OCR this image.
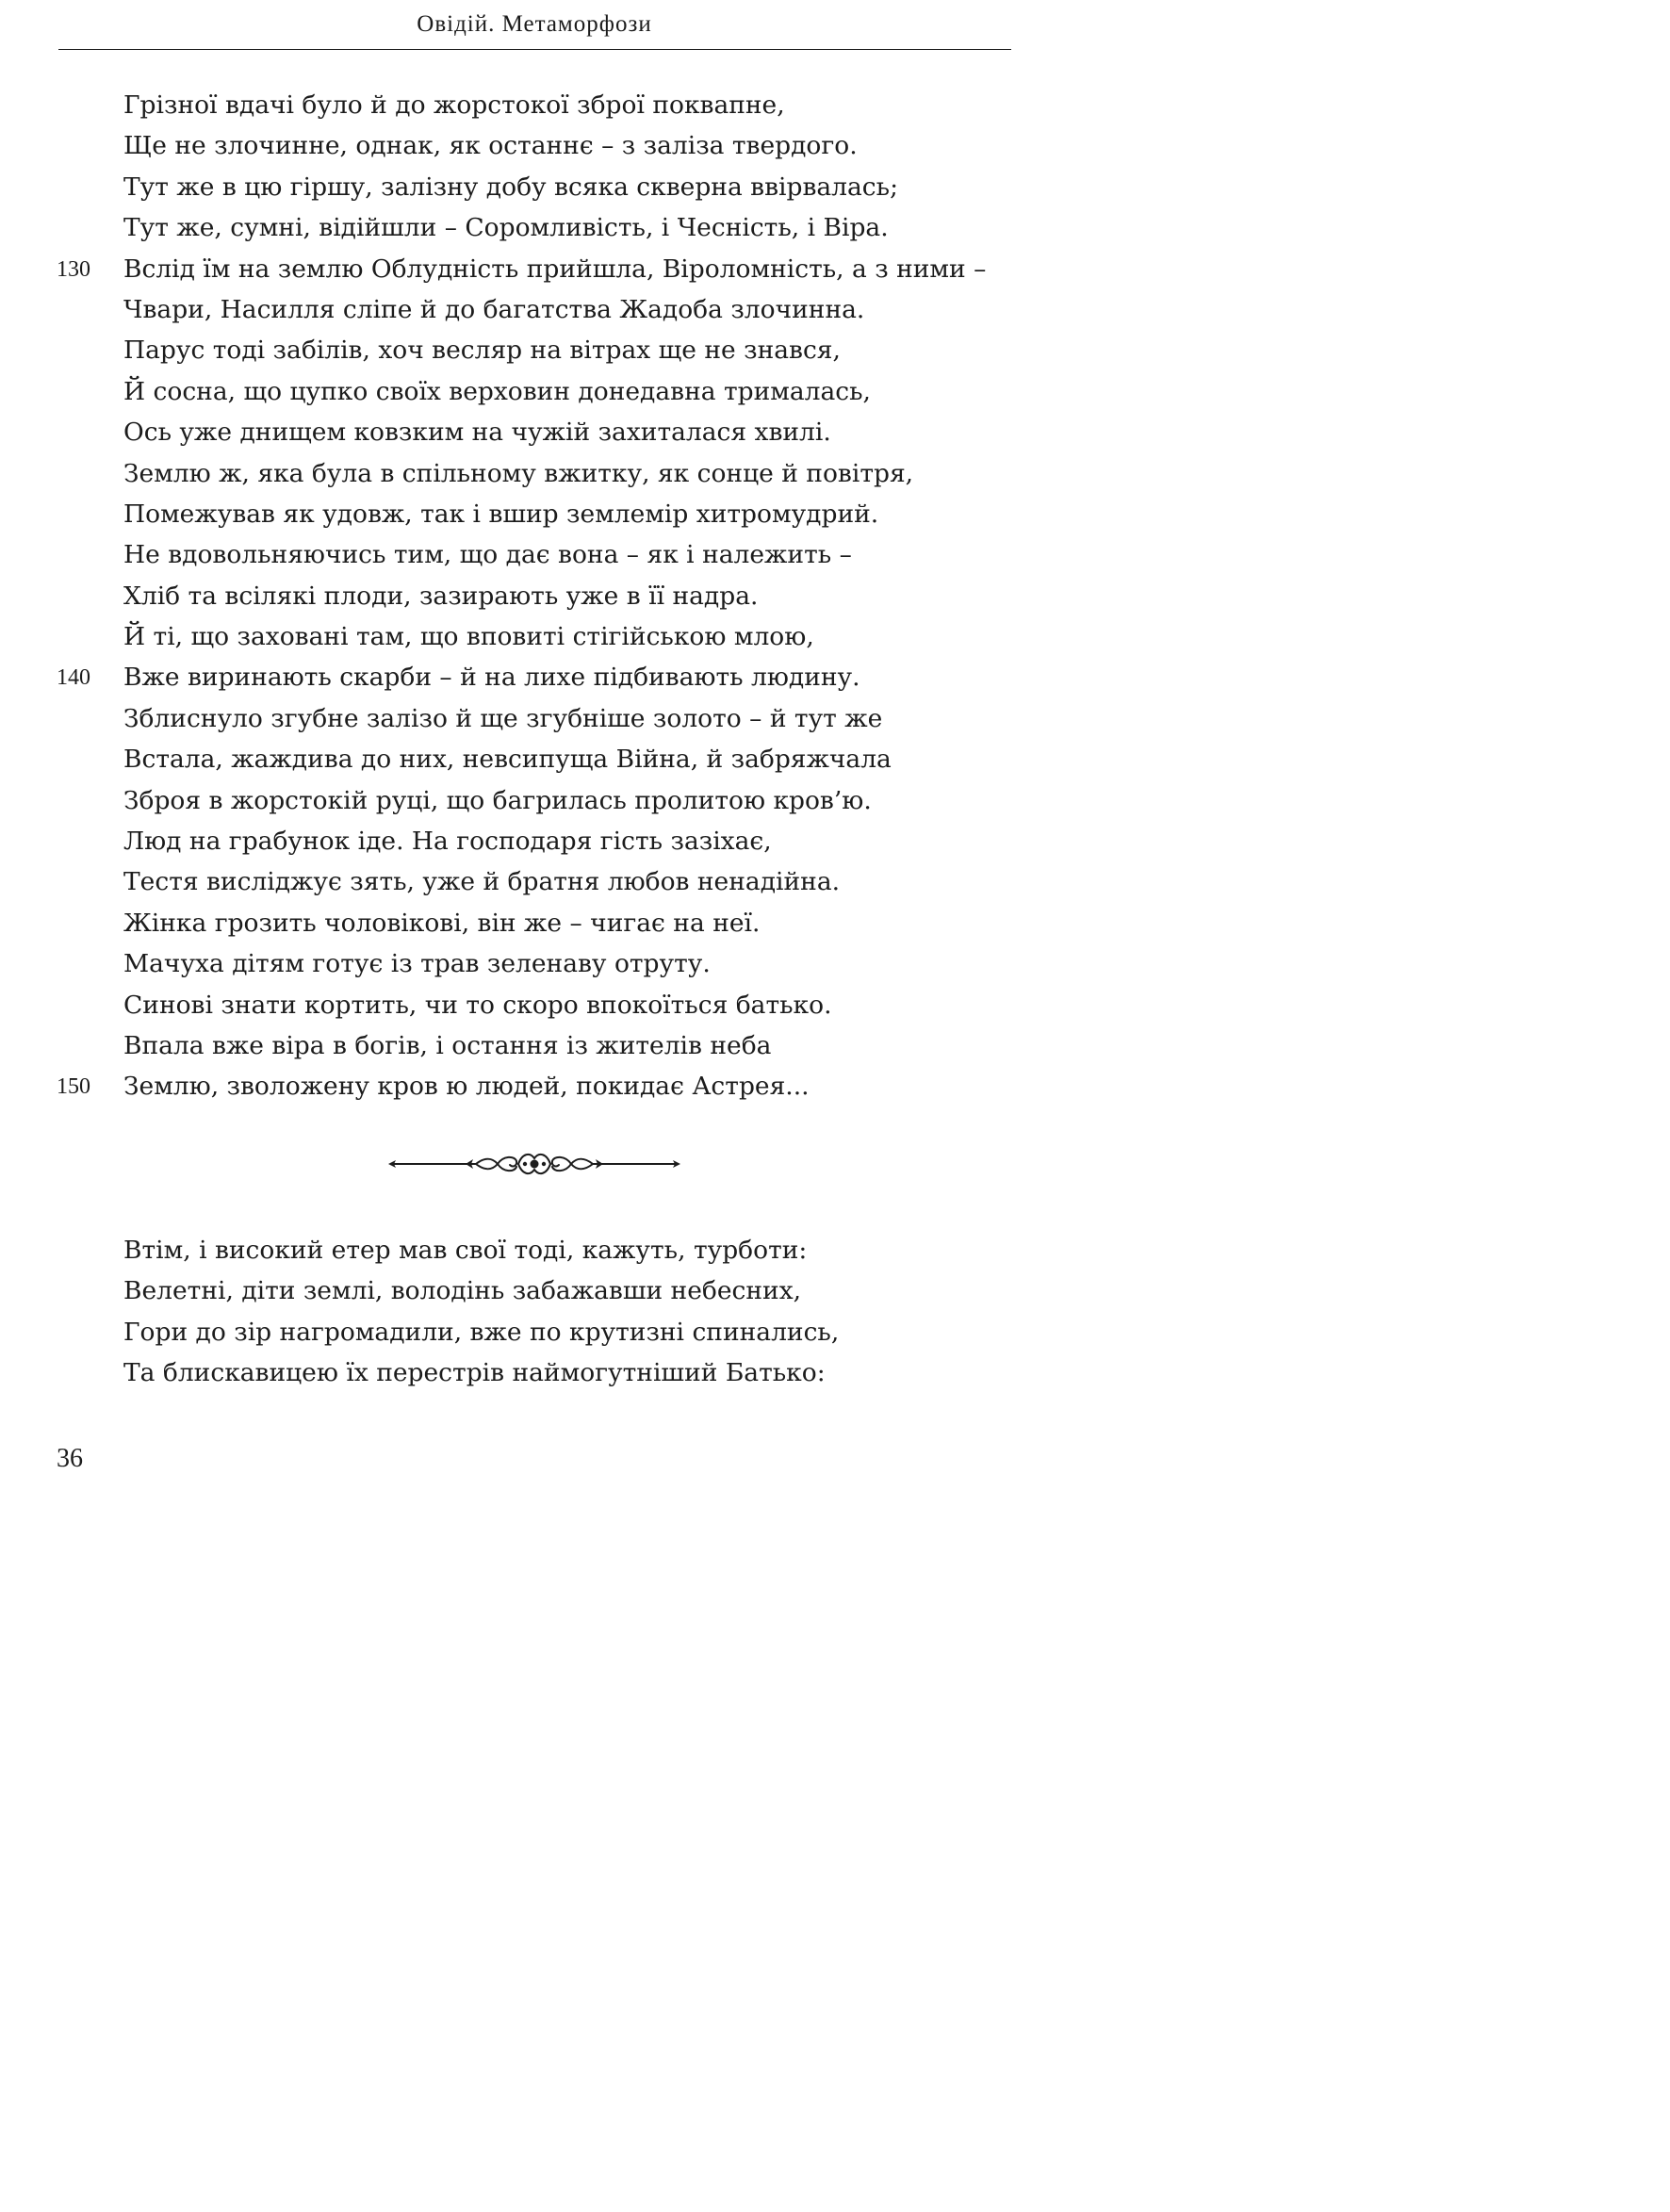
Овідій. Метаморфози
Грізної вдачі було й до жорстокої зброї поквапне,
Ще не злочинне, однак, як останнє – з заліза твердого.
Тут же в цю гіршу, залізну добу всяка скверна ввірвалась;
Тут же, сумні, відійшли – Соромливість, і Чесність, і Віра.
130 Вслід їм на землю Облудність прийшла, Віроломність, а з ними –
Чвари, Насилля сліпе й до багатства Жадоба злочинна.
Парус тоді забілів, хоч весляр на вітрах ще не знався,
Й сосна, що цупко своїх верховин донедавна трималась,
Ось уже днищем ковзким на чужій захиталася хвилі.
Землю ж, яка була в спільному вжитку, як сонце й повітря,
Помежував як удовж, так і вшир землемір хитромудрий.
Не вдовольняючись тим, що дає вона – як і належить –
Хліб та всілякі плоди, зазирають уже в її надра.
Й ті, що заховані там, що вповиті стігійською млою,
140 Вже виринають скарби – й на лихе підбивають людину.
Зблиснуло згубне залізо й ще згубніше золото – й тут же
Встала, жаждива до них, невсипуща Війна, й забряжчала
Зброя в жорстокій руці, що багрилась пролитою кров’ю.
Люд на грабунок іде. На господаря гість зазіхає,
Тестя вислiджує зять, уже й братня любов ненадійна.
Жінка грозить чоловікові, він же – чигає на неї.
Мачуха дітям готує із трав зеленаву отруту.
Синові знати кортить, чи то скоро впокоїться батько.
Впала вже віра в богів, і остання із жителів неба
150 Землю, зволожену кров ю людей, покидає Астрея...
Втім, і високий етер мав свої тоді, кажуть, турботи:
Велетні, діти землі, володінь забажавши небесних,
Гори до зір нагромадили, вже по крутизні спинались,
Та блискавицею їх перестрів наймогутніший Батько:
36
